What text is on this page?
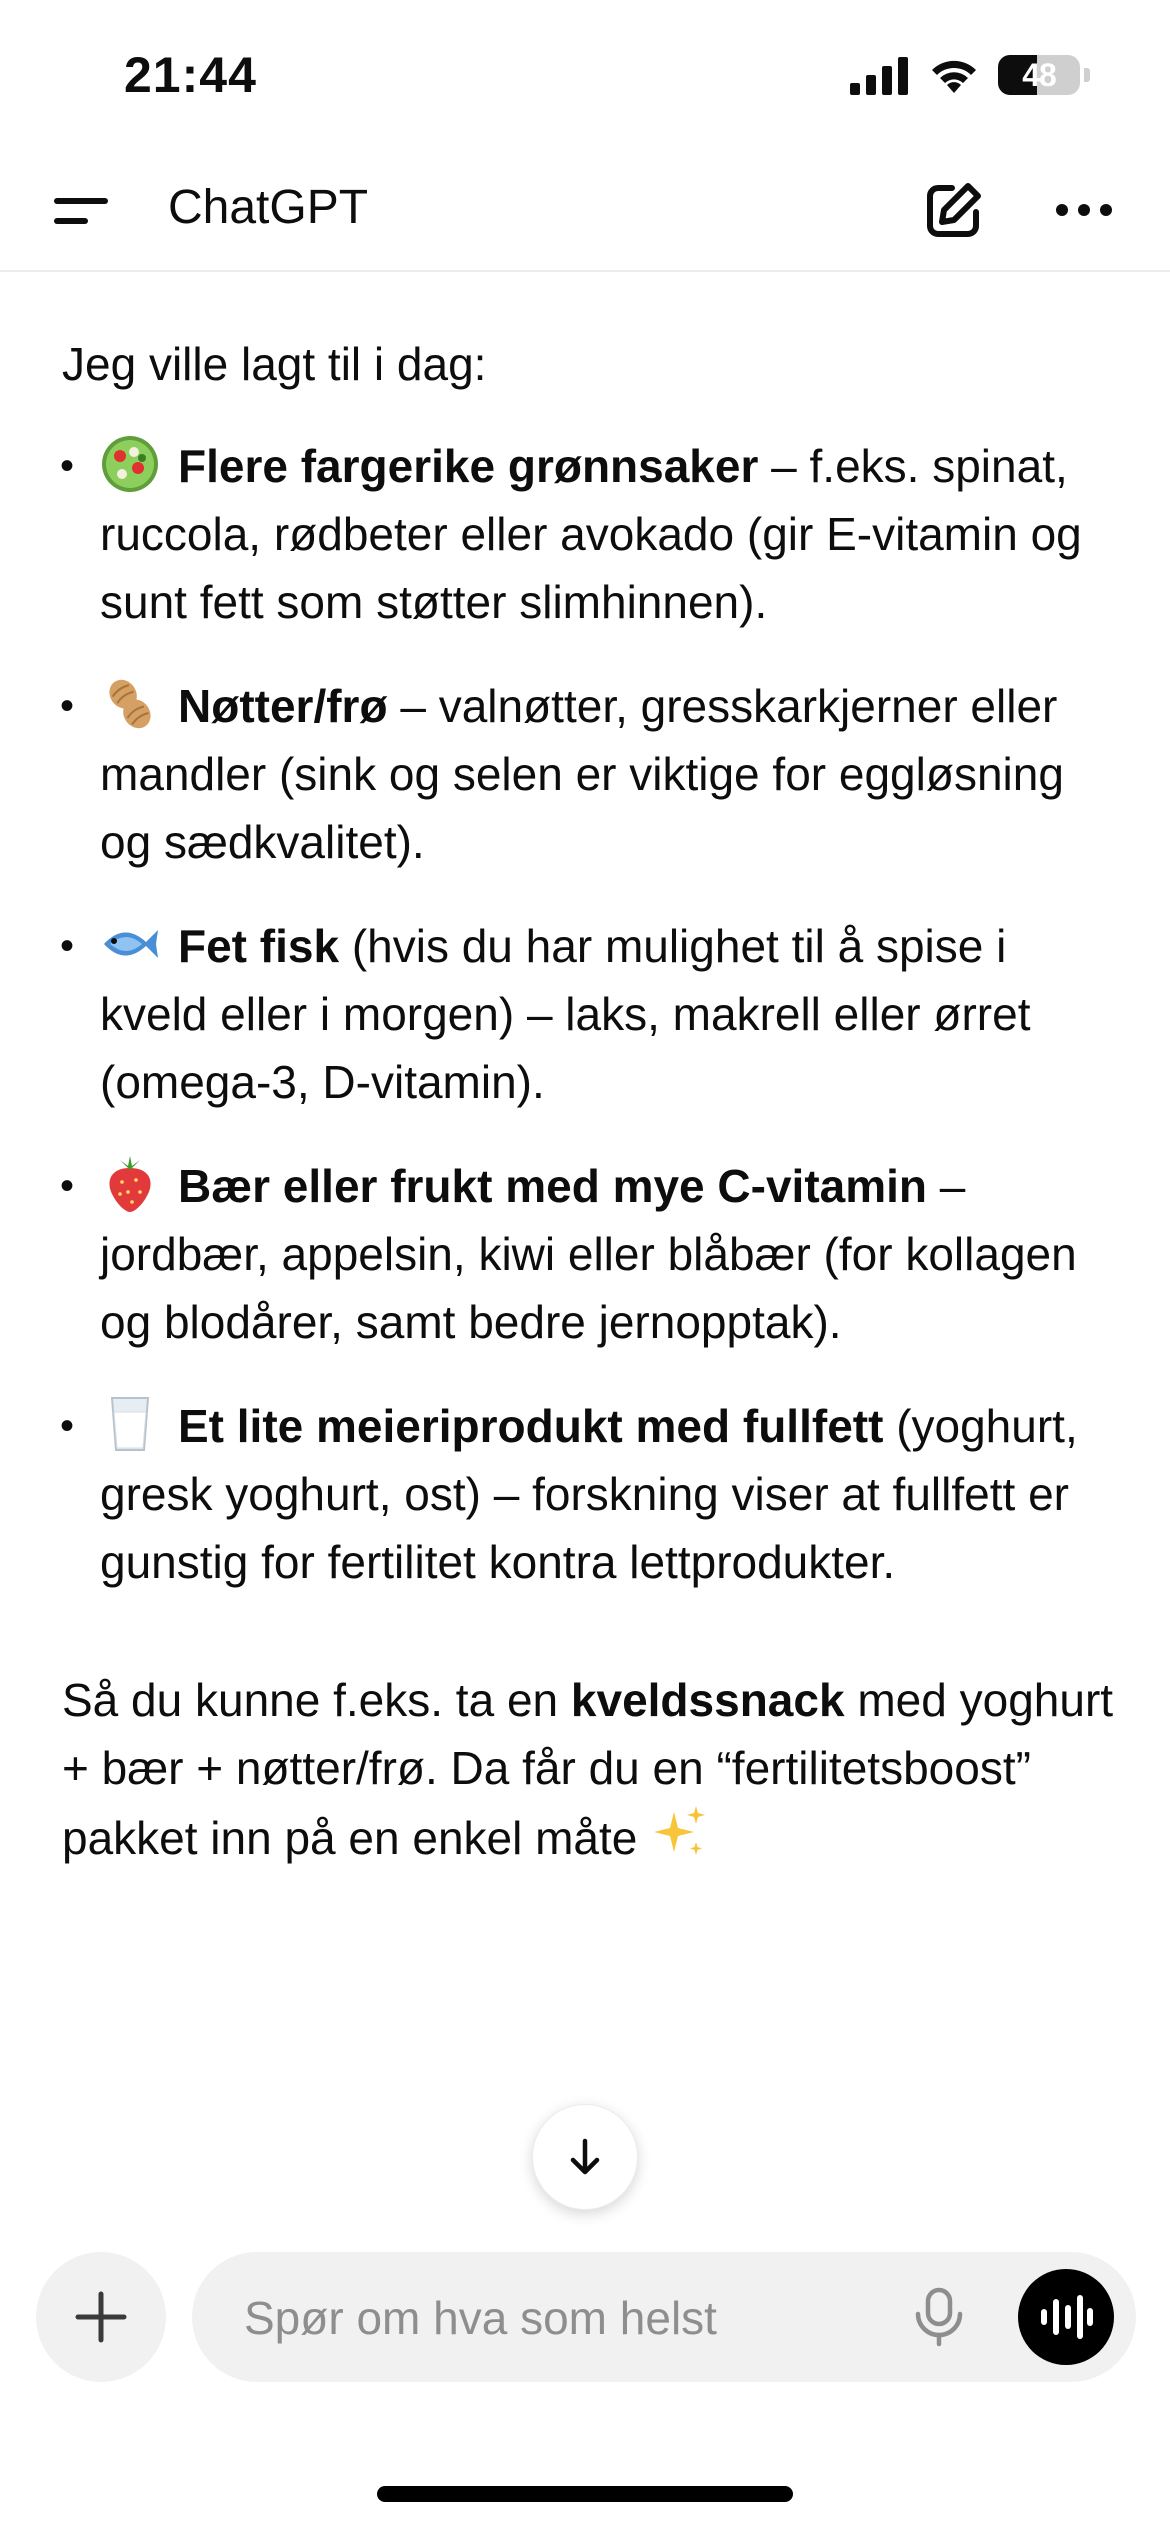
21:44	48
ChatGPT

Jeg ville lagt til i dag:

• Flere fargerike grønnsaker – f.eks. spinat, ruccola, rødbeter eller avokado (gir E-vitamin og sunt fett som støtter slimhinnen).
• Nøtter/frø – valnøtter, gresskarkjerner eller mandler (sink og selen er viktige for eggløsning og sædkvalitet).
• Fet fisk (hvis du har mulighet til å spise i kveld eller i morgen) – laks, makrell eller ørret (omega-3, D-vitamin).
• Bær eller frukt med mye C-vitamin – jordbær, appelsin, kiwi eller blåbær (for kollagen og blodårer, samt bedre jernopptak).
• Et lite meieriprodukt med fullfett (yoghurt, gresk yoghurt, ost) – forskning viser at fullfett er gunstig for fertilitet kontra lettprodukter.

Så du kunne f.eks. ta en kveldssnack med yoghurt + bær + nøtter/frø. Da får du en “fertilitetsboost” pakket inn på en enkel måte

Spør om hva som helst
